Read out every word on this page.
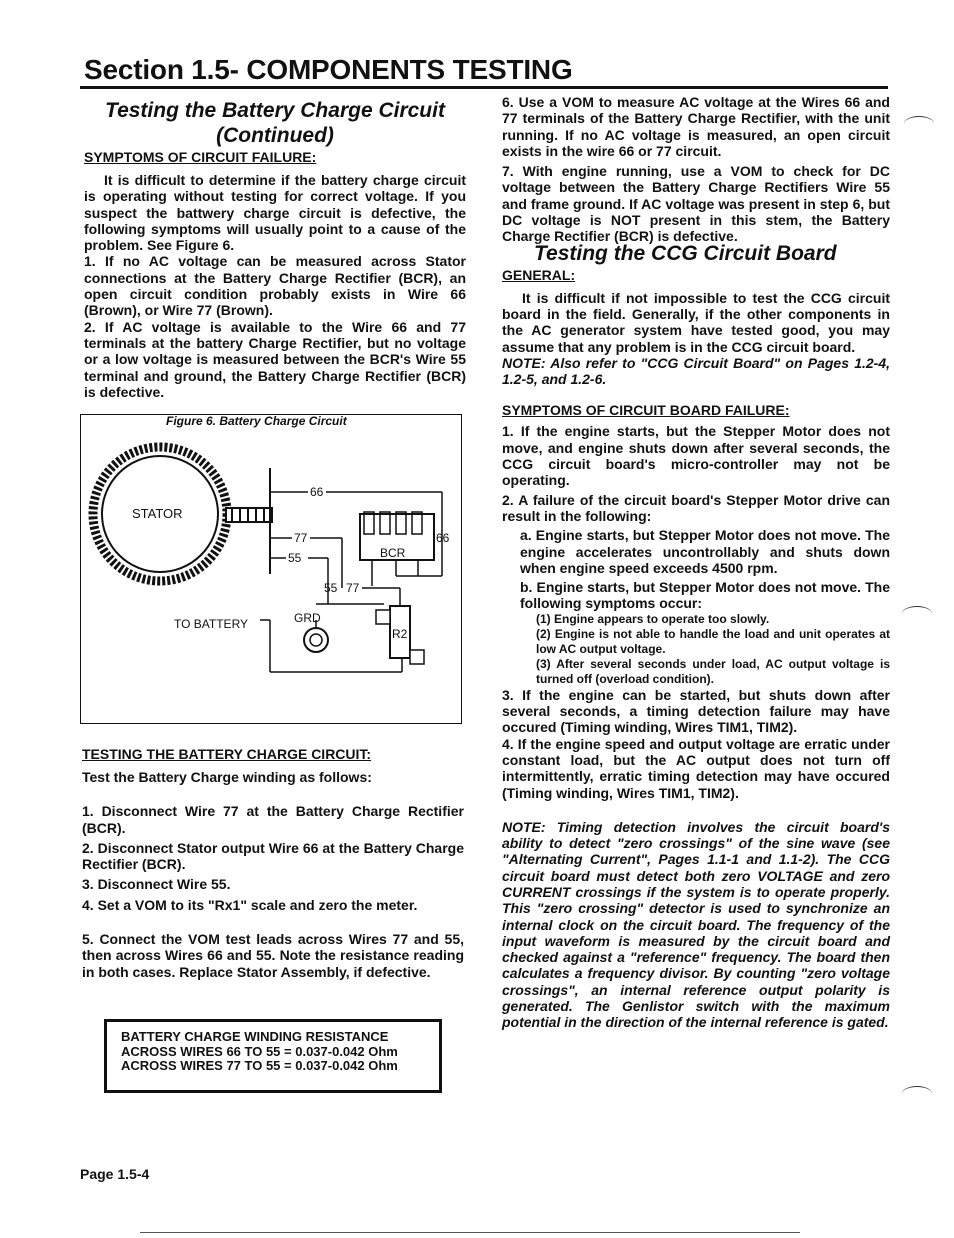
Section 1.5- COMPONENTS TESTING
Testing the Battery Charge Circuit
(Continued)
SYMPTOMS OF CIRCUIT FAILURE:

It is difficult to determine if the battery charge circuit is operating without testing for correct voltage. If you suspect the battwery charge circuit is defective, the following symptoms will usually point to a cause of the problem. See Figure 6.

1. If no AC voltage can be measured across Stator connections at the Battery Charge Rectifier (BCR), an open circuit condition probably exists in Wire 66 (Brown), or Wire 77 (Brown).

2. If AC voltage is available to the Wire 66 and 77 terminals at the battery Charge Rectifier, but no voltage or a low voltage is measured between the BCR's Wire 55 terminal and ground, the Battery Charge Rectifier (BCR) is defective.

Figure 6. Battery Charge Circuit
STATOR
66
66
77
55	BCR
55 77
TO BATTERY	GRD
R2
TESTING THE BATTERY CHARGE CIRCUIT:

Test the Battery Charge winding as follows:

1. Disconnect Wire 77 at the Battery Charge Rectifier (BCR).

2. Disconnect Stator output Wire 66 at the Battery Charge Rectifier (BCR).

3. Disconnect Wire 55.

4. Set a VOM to its "Rx1" scale and zero the meter.

5. Connect the VOM test leads across Wires 77 and 55, then across Wires 66 and 55. Note the resistance reading in both cases. Replace Stator Assembly, if defective.

BATTERY CHARGE WINDING RESISTANCE
ACROSS WIRES 66 TO 55 = 0.037-0.042 Ohm
ACROSS WIRES 77 TO 55 = 0.037-0.042 Ohm

6. Use a VOM to measure AC voltage at the Wires 66 and 77 terminals of the Battery Charge Rectifier, with the unit running. If no AC voltage is measured, an open circuit exists in the wire 66 or 77 circuit.

7. With engine running, use a VOM to check for DC voltage between the Battery Charge Rectifiers Wire 55 and frame ground. If AC voltage was present in step 6, but DC voltage is NOT present in this stem, the Battery Charge Rectifier (BCR) is defective.

Testing the CCG Circuit Board
GENERAL:

It is difficult if not impossible to test the CCG circuit board in the field. Generally, if the other components in the AC generator system have tested good, you may assume that any problem is in the CCG circuit board.

NOTE: Also refer to "CCG Circuit Board" on Pages 1.2-4, 1.2-5, and 1.2-6.

SYMPTOMS OF CIRCUIT BOARD FAILURE:

1. If the engine starts, but the Stepper Motor does not move, and engine shuts down after several seconds, the CCG circuit board's micro-controller may not be operating.

2. A failure of the circuit board's Stepper Motor drive can result in the following:

a. Engine starts, but Stepper Motor does not move. The engine accelerates uncontrollably and shuts down when engine speed exceeds 4500 rpm.

b. Engine starts, but Stepper Motor does not move. The following symptoms occur:

(1) Engine appears to operate too slowly.

(2) Engine is not able to handle the load and unit operates at low AC output voltage.

(3) After several seconds under load, AC output voltage is turned off (overload condition).

3. If the engine can be started, but shuts down after several seconds, a timing detection failure may have occured (Timing winding, Wires TIM1, TIM2).

4. If the engine speed and output voltage are erratic under constant load, but the AC output does not turn off intermittently, erratic timing detection may have occured (Timing winding, Wires TIM1, TIM2).

NOTE: Timing detection involves the circuit board's ability to detect "zero crossings" of the sine wave (see "Alternating Current", Pages 1.1-1 and 1.1-2). The CCG circuit board must detect both zero VOLTAGE and zero CURRENT crossings if the system is to operate properly. This "zero crossing" detector is used to synchronize an internal clock on the circuit board. The frequency of the input waveform is measured by the circuit board and checked against a "reference" frequency. The board then calculates a frequency divisor. By counting "zero voltage crossings", an internal reference output polarity is generated. The Genlistor switch with the maximum potential in the direction of the internal reference is gated.

Page 1.5-4
